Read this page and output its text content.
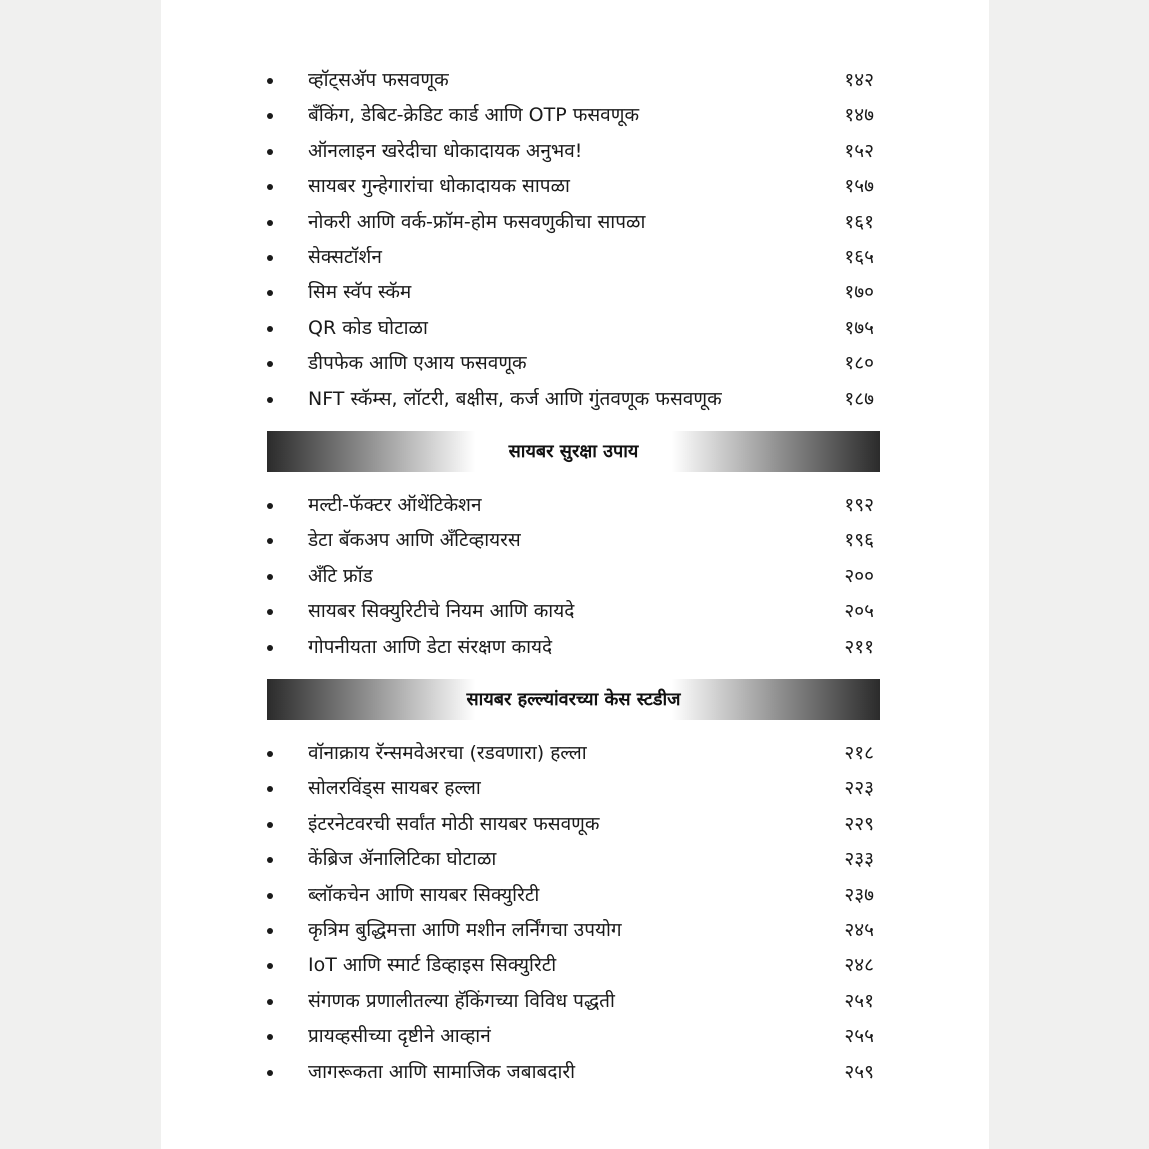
व्हॉट्सअ‍ॅप फसवणूक	१४२
बँकिंग, डेबिट-क्रेडिट कार्ड आणि OTP फसवणूक	१४७
ऑनलाइन खरेदीचा धोकादायक अनुभव!	१५२
सायबर गुन्हेगारांचा धोकादायक सापळा	१५७
नोकरी आणि वर्क-फ्रॉम-होम फसवणुकीचा सापळा	१६१
सेक्सटॉर्शन	१६५
सिम स्वॅप स्कॅम	१७०
QR कोड घोटाळा	१७५
डीपफेक आणि एआय फसवणूक	१८०
NFT स्कॅम्स, लॉटरी, बक्षीस, कर्ज आणि गुंतवणूक फसवणूक	१८७
सायबर सुरक्षा उपाय
मल्टी-फॅक्टर ऑथेंटिकेशन	१९२
डेटा बॅकअप आणि अँटिव्हायरस	१९६
अँटि फ्रॉड	२००
सायबर सिक्युरिटीचे नियम आणि कायदे	२०५
गोपनीयता आणि डेटा संरक्षण कायदे	२११
सायबर हल्ल्यांवरच्या केस स्टडीज
वॉनाक्राय रॅन्समवेअरचा (रडवणारा) हल्ला	२१८
सोलरविंड्स सायबर हल्ला	२२३
इंटरनेटवरची सर्वांत मोठी सायबर फसवणूक	२२९
केंब्रिज ॲनालिटिका घोटाळा	२३३
ब्लॉकचेन आणि सायबर सिक्युरिटी	२३७
कृत्रिम बुद्धिमत्ता आणि मशीन लर्निंगचा उपयोग	२४५
IoT आणि स्मार्ट डिव्हाइस सिक्युरिटी	२४८
संगणक प्रणालीतल्या हॅकिंगच्या विविध पद्धती	२५१
प्रायव्हसीच्या दृष्टीने आव्हानं	२५५
जागरूकता आणि सामाजिक जबाबदारी	२५९
